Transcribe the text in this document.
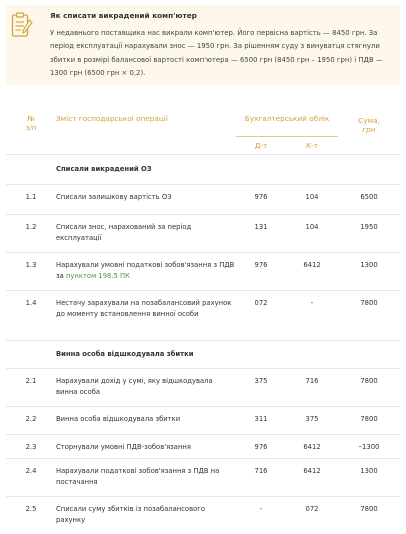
Як списати викрадений комп'ютер
У недавнього поставщика нас викрали комп'ютер. Його первісна вартість — 8450 грн. За період експлуатації нарахували знос — 1950 грн. За рішенням суду з винуватця стягнули збитки в розмірі балансової вартості комп'ютера — 6500 грн (8450 грн – 1950 грн) і ПДВ — 1300 грн (6500 грн × 0,2).
№
з/п	Зміст господарської операції	Бухгалтерський облік		Сума,
грн
		Д-т	К-т	
	Списали викрадений ОЗ			
1.1	Списали залишкову вартість ОЗ	976	104	6500
1.2	Списали знос, нарахований за період експлуатації	131	104	1950
1.3	Нарахували умовні податкові зобов'язання з ПДВ за пунктом 198.5 ПК	976	6412	1300
1.4	Нестачу зарахували на позабалансовий рахунок до моменту встановлення винної особи	072	-	7800
	Винна особа відшкодувала збитки			
2.1	Нарахували дохід у сумі, яку відшкодувала винна особа	375	716	7800
2.2	Винна особа відшкодувала збитки	311	375	7800
2.3	Сторнували умовні ПДВ-зобов'язання	976	6412	–1300
2.4	Нарахували податкові зобов'язання з ПДВ на постачання	716	6412	1300
2.5	Списали суму збитків із позабалансового рахунку	-	072	7800
